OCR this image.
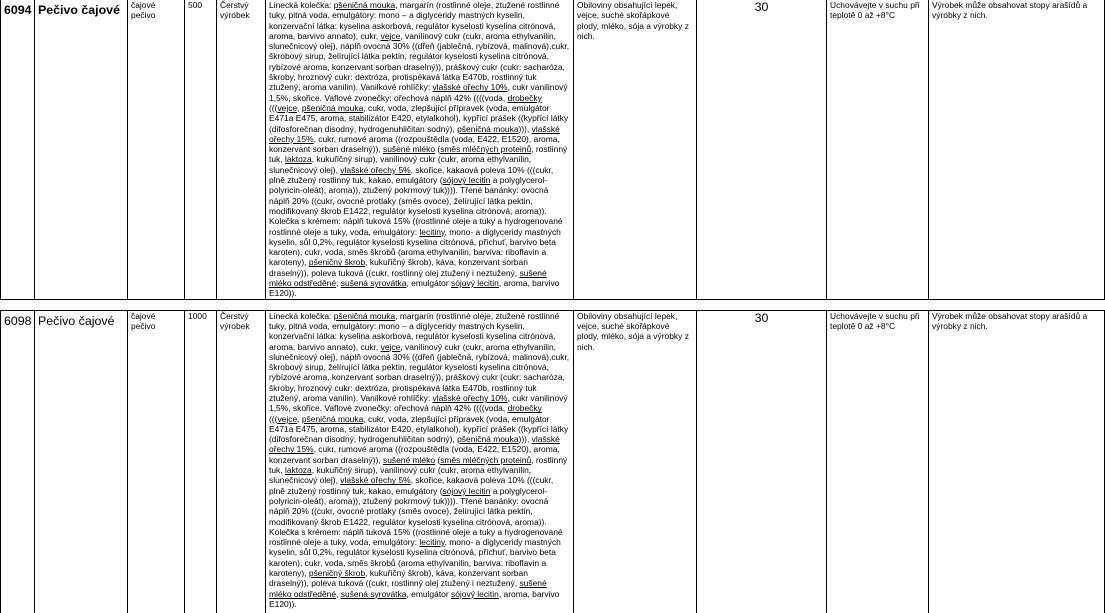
6094	Pečivo čajové	čajové pečivo	500	Čerstvý výrobek	Linecká kolečka: pšeničná mouka, margarín (rostlinné oleje, ztužené rostlinné tuky, pitná voda, emulgátory: mono – a diglyceridy mastných kyselin, konzervační látka: kyselina askorbová, regulátor kyselosti kyselina citrónová, aroma, barvivo annato), cukr, vejce, vanilinový cukr (cukr, aroma ethylvanilin, slunečnicový olej), náplň ovocná 30% ((dřeň (jablečná, rybízová, malinová),cukr, škrobový sirup, želírující látka pektin, regulátor kyselosti kyselina citrónová, rybízové aroma, konzervant sorban draselný)), práškový cukr (cukr: sacharóza, škroby, hroznový cukr: dextróza, protispékavá látka E470b, rostlinný tuk ztužený, aroma vanilin). Vanilkové rohlíčky: vlašské ořechy 10%, cukr vanilinový 1,5%, skořice. Vaflové zvonečky: ořechová náplň 42% ((((voda, drobečky (((vejce, pšeničná mouka, cukr, voda, zlepšující přípravek (voda, emulgátor E471a E475, aroma, stabilizátor E420, etylalkohol), kypřící prášek ((kypřící látky (difosforečnan disodný, hydrogenuhličitan sodný), pšeničná mouka))), vlašské ořechy 15%, cukr, rumové aroma ((rozpouštědla (voda, E422, E1520), aroma, konzervant sorban draselný)), sušené mléko (směs mléčných proteinů, rostlinný tuk, laktoza, kukuřičný sirup), vanilinový cukr (cukr, aroma ethylvanilin, slunečnicový olej), vlašské ořechy 5%, skořice, kakaová poleva 10% (((cukr, plně ztužený rostlinný tuk, kakao, emulgátory (sójový lecitin a polyglycerol-polyricin-oleát), aroma)), ztužený pokrmový tuk)))). Třené banánky: ovocná náplň 20% ((cukr, ovocné protlaky (směs ovoce), želírující látka pektin, modifikovaný škrob E1422, regulátor kyselosti kyselina citrónová, aroma)). Kolečka s krémem: náplň tuková 15% ((rostlinné oleje a tuky a hydrogenované rostlinné oleje a tuky, voda, emulgátory: lecitiny, mono- a diglyceridy mastných kyselin, sůl 0,2%, regulátor kyselosti kyselina citrónová, příchuť, barvivo beta karoten), cukr, voda, směs škrobů (aroma ethylvanilin, barviva: riboflavin a karoteny), pšeničný škrob, kukuřičný škrob), káva, konzervant sorban draselný)), poleva tuková ((cukr, rostlinný olej ztužený i neztužený, sušené mléko odstředěné, sušená syrovátka, emulgátor sójový lecitin, aroma, barvivo E120)).	Obiloviny obsahující lepek, vejce, suché skořápkové plody, mléko, sója a výrobky z nich.	30	Uchovávejte v suchu při teplotě 0 až +8°C	Výrobek může obsahovat stopy arašídů a výrobky z nich.

6098	Pečivo čajové	čajové pečivo	1000	Čerstvý výrobek	Linecká kolečka: pšeničná mouka, margarín (rostlinné oleje, ztužené rostlinné tuky, pitná voda, emulgátory: mono – a diglyceridy mastných kyselin, konzervační látka: kyselina askorbová, regulátor kyselosti kyselina citrónová, aroma, barvivo annato), cukr, vejce, vanilinový cukr (cukr, aroma ethylvanilin, slunečnicový olej), náplň ovocná 30% ((dřeň (jablečná, rybízová, malinová),cukr, škrobový sirup, želírující látka pektin, regulátor kyselosti kyselina citrónová, rybízové aroma, konzervant sorban draselný)), práškový cukr (cukr: sacharóza, škroby, hroznový cukr: dextróza, protispékavá látka E470b, rostlinný tuk ztužený, aroma vanilin). Vanilkové rohlíčky: vlašské ořechy 10%, cukr vanilinový 1,5%, skořice. Vaflové zvonečky: ořechová náplň 42% ((((voda, drobečky (((vejce, pšeničná mouka, cukr, voda, zlepšující přípravek (voda, emulgátor E471a E475, aroma, stabilizátor E420, etylalkohol), kypřící prášek ((kypřící látky (difosforečnan disodný, hydrogenuhličitan sodný), pšeničná mouka))), vlašské ořechy 15%, cukr, rumové aroma ((rozpouštědla (voda, E422, E1520), aroma, konzervant sorban draselný)), sušené mléko (směs mléčných proteinů, rostlinný tuk, laktoza, kukuřičný sirup), vanilinový cukr (cukr, aroma ethylvanilin, slunečnicový olej), vlašské ořechy 5%, skořice, kakaová poleva 10% (((cukr, plně ztužený rostlinný tuk, kakao, emulgátory (sójový lecitin a polyglycerol-polyricin-oleát), aroma)), ztužený pokrmový tuk)))). Třené banánky: ovocná náplň 20% ((cukr, ovocné protlaky (směs ovoce), želírující látka pektin, modifikovaný škrob E1422, regulátor kyselosti kyselina citrónová, aroma)). Kolečka s krémem: náplň tuková 15% ((rostlinné oleje a tuky a hydrogenované rostlinné oleje a tuky, voda, emulgátory: lecitiny, mono- a diglyceridy mastných kyselin, sůl 0,2%, regulátor kyselosti kyselina citrónová, příchuť, barvivo beta karoten), cukr, voda, směs škrobů (aroma ethylvanilin, barviva: riboflavin a karoteny), pšeničný škrob, kukuřičný škrob), káva, konzervant sorban draselný)), poleva tuková ((cukr, rostlinný olej ztužený i neztužený, sušené mléko odstředěné, sušená syrovátka, emulgátor sójový lecitin, aroma, barvivo E120)).	Obiloviny obsahující lepek, vejce, suché skořápkové plody, mléko, sója a výrobky z nich.	30	Uchovávejte v suchu při teplotě 0 až +8°C	Výrobek může obsahovat stopy arašídů a výrobky z nich.
